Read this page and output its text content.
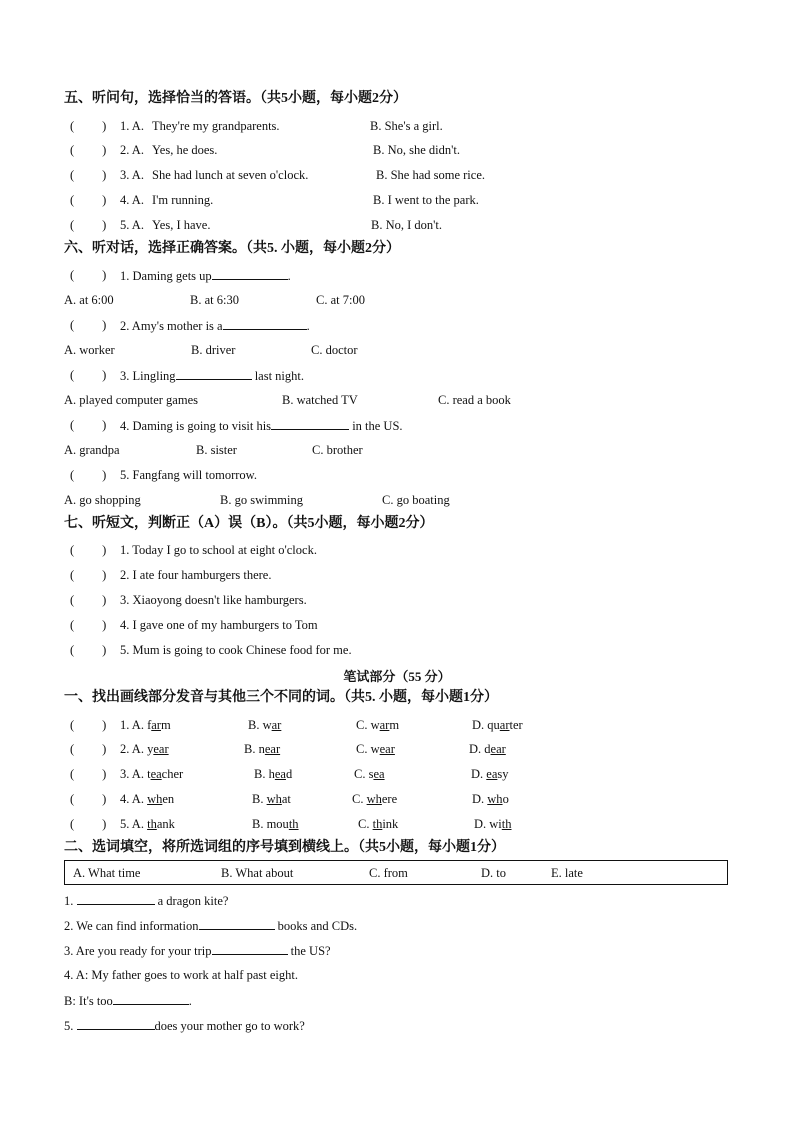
五、听问句，选择恰当的答语。（共5小题，每小题2分）
( ) 1. A. They're my grandparents.	B. She's a girl.
( ) 2. A. Yes, he does.	B. No, she didn't.
( ) 3. A. She had lunch at seven o'clock.	B. She had some rice.
( ) 4. A. I'm running.	B. I went to the park.
( ) 5. A. Yes, I have.	B. No, I don't.
六、听对话，选择正确答案。（共5. 小题，每小题2分）
( ) 1. Daming gets up	.
A. at 6:00	B. at 6:30	C. at 7:00
( ) 2. Amy's mother is a	.
A. worker	B. driver	C. doctor
( ) 3. Lingling	last night.
A. played computer games	B. watched TV	C. read a book
( ) 4. Daming is going to visit his	in the US.
A. grandpa	B. sister	C. brother
( ) 5. Fangfang will tomorrow.
A. go shopping	B. go swimming	C. go boating
七、听短文，判断正（A）误（B）。（共5小题，每小题2分）
( ) 1. Today I go to school at eight o'clock.
( ) 2. I ate four hamburgers there.
( ) 3. Xiaoyong doesn't like hamburgers.
( ) 4. I gave one of my hamburgers to Tom
( ) 5. Mum is going to cook Chinese food for me.
笔试部分（55 分）
一、找出画线部分发音与其他三个不同的词。（共5. 小题，每小题1分）
( ) 1. A. farm	B. war	C. warm	D. quarter
( ) 2. A. year	B. near	C. wear	D. dear
( ) 3. A. teacher	B. head	C. sea	D. easy
( ) 4. A. when	B. what	C. where	D. who
( ) 5. A. thank	B. mouth	C. think	D. with
二、选词填空，将所选词组的序号填到横线上。（共5小题，每小题1分）
A. What time	B. What about	C. from	D. to	E. late
1.	a dragon kite?
2. We can find information	books and CDs.
3. Are you ready for your trip	the US?
4. A: My father goes to work at half past eight.
B: It's too	.
5.	does your mother go to work?
